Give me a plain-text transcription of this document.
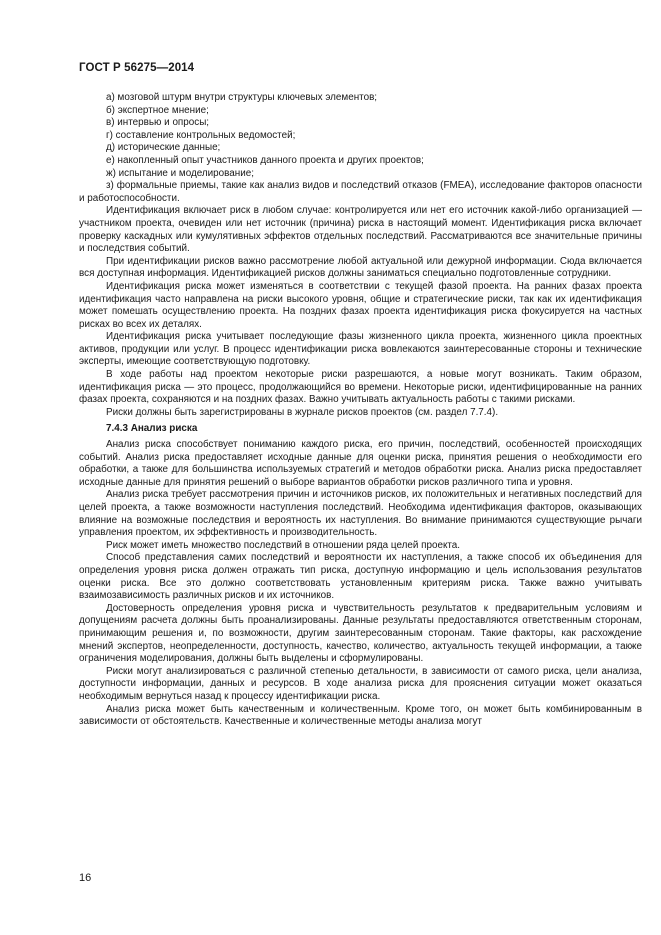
ГОСТ Р 56275—2014

а) мозговой штурм внутри структуры ключевых элементов;

б) экспертное мнение;

в) интервью и опросы;

г) составление контрольных ведомостей;

д) исторические данные;

е) накопленный опыт участников данного проекта и других проектов;

ж) испытание и моделирование;

з) формальные приемы, такие как анализ видов и последствий отказов (FMEA), исследование факторов опасности и работоспособности.

Идентификация включает риск в любом случае: контролируется или нет его источник какой-либо организацией — участником проекта, очевиден или нет источник (причина) риска в настоящий момент. Идентификация риска включает проверку каскадных или кумулятивных эффектов отдельных последствий. Рассматриваются все значительные причины и последствия событий.

При идентификации рисков важно рассмотрение любой актуальной или дежурной информации. Сюда включается вся доступная информация. Идентификацией рисков должны заниматься специально подготовленные сотрудники.

Идентификация риска может изменяться в соответствии с текущей фазой проекта. На ранних фазах проекта идентификация часто направлена на риски высокого уровня, общие и стратегические риски, так как их идентификация может помешать осуществлению проекта. На поздних фазах проекта идентификация риска фокусируется на частных рисках во всех их деталях.

Идентификация риска учитывает последующие фазы жизненного цикла проекта, жизненного цикла проектных активов, продукции или услуг. В процесс идентификации риска вовлекаются заинтересованные стороны и технические эксперты, имеющие соответствующую подготовку.

В ходе работы над проектом некоторые риски разрешаются, а новые могут возникать. Таким образом, идентификация риска — это процесс, продолжающийся во времени. Некоторые риски, идентифицированные на ранних фазах проекта, сохраняются и на поздних фазах. Важно учитывать актуальность работы с такими рисками.

Риски должны быть зарегистрированы в журнале рисков проектов (см. раздел 7.7.4).

7.4.3 Анализ риска

Анализ риска способствует пониманию каждого риска, его причин, последствий, особенностей происходящих событий. Анализ риска предоставляет исходные данные для оценки риска, принятия решения о необходимости его обработки, а также для большинства используемых стратегий и методов обработки риска. Анализ риска предоставляет исходные данные для принятия решений о выборе вариантов обработки рисков различного типа и уровня.

Анализ риска требует рассмотрения причин и источников рисков, их положительных и негативных последствий для целей проекта, а также возможности наступления последствий. Необходима идентификация факторов, оказывающих влияние на возможные последствия и вероятность их наступления. Во внимание принимаются существующие рычаги управления проектом, их эффективность и производительность.

Риск может иметь множество последствий в отношении ряда целей проекта.

Способ представления самих последствий и вероятности их наступления, а также способ их объединения для определения уровня риска должен отражать тип риска, доступную информацию и цель использования результатов оценки риска. Все это должно соответствовать установленным критериям риска. Также важно учитывать взаимозависимость различных рисков и их источников.

Достоверность определения уровня риска и чувствительность результатов к предварительным условиям и допущениям расчета должны быть проанализированы. Данные результаты предоставляются ответственным сторонам, принимающим решения и, по возможности, другим заинтересованным сторонам. Такие факторы, как расхождение мнений экспертов, неопределенности, доступность, качество, количество, актуальность текущей информации, а также ограничения моделирования, должны быть выделены и сформулированы.

Риски могут анализироваться с различной степенью детальности, в зависимости от самого риска, цели анализа, доступности информации, данных и ресурсов. В ходе анализа риска для прояснения ситуации может оказаться необходимым вернуться назад к процессу идентификации риска.

Анализ риска может быть качественным и количественным. Кроме того, он может быть комбинированным в зависимости от обстоятельств. Качественные и количественные методы анализа могут

16
